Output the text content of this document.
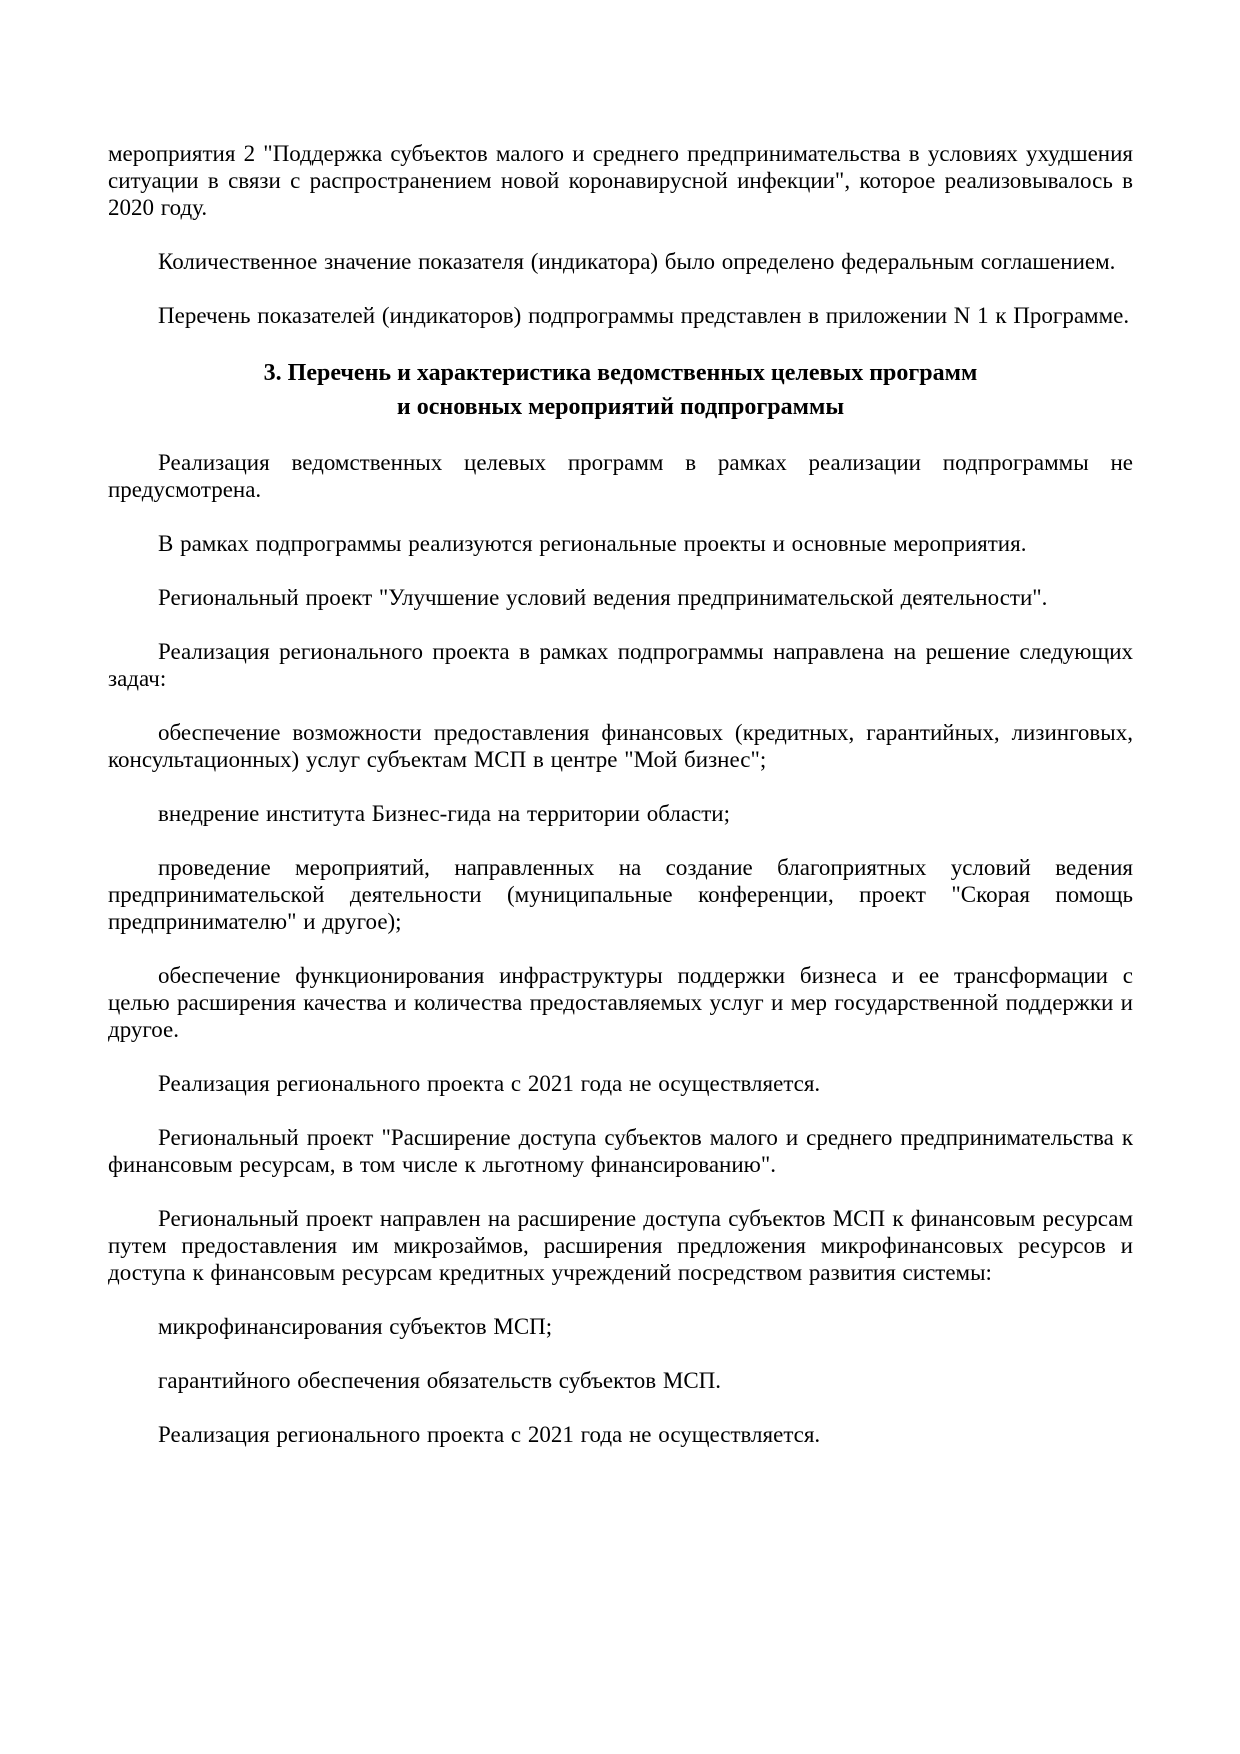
мероприятия 2 "Поддержка субъектов малого и среднего предпринимательства в условиях ухудшения ситуации в связи с распространением новой коронавирусной инфекции", которое реализовывалось в 2020 году.

Количественное значение показателя (индикатора) было определено федеральным соглашением.

Перечень показателей (индикаторов) подпрограммы представлен в приложении N 1 к Программе.

3. Перечень и характеристика ведомственных целевых программ
и основных мероприятий подпрограммы

Реализация ведомственных целевых программ в рамках реализации подпрограммы не предусмотрена.

В рамках подпрограммы реализуются региональные проекты и основные мероприятия.

Региональный проект "Улучшение условий ведения предпринимательской деятельности".

Реализация регионального проекта в рамках подпрограммы направлена на решение следующих задач:

обеспечение возможности предоставления финансовых (кредитных, гарантийных, лизинговых, консультационных) услуг субъектам МСП в центре "Мой бизнес";

внедрение института Бизнес-гида на территории области;

проведение мероприятий, направленных на создание благоприятных условий ведения предпринимательской деятельности (муниципальные конференции, проект "Скорая помощь предпринимателю" и другое);

обеспечение функционирования инфраструктуры поддержки бизнеса и ее трансформации с целью расширения качества и количества предоставляемых услуг и мер государственной поддержки и другое.

Реализация регионального проекта с 2021 года не осуществляется.

Региональный проект "Расширение доступа субъектов малого и среднего предпринимательства к финансовым ресурсам, в том числе к льготному финансированию".

Региональный проект направлен на расширение доступа субъектов МСП к финансовым ресурсам путем предоставления им микрозаймов, расширения предложения микрофинансовых ресурсов и доступа к финансовым ресурсам кредитных учреждений посредством развития системы:

микрофинансирования субъектов МСП;

гарантийного обеспечения обязательств субъектов МСП.

Реализация регионального проекта с 2021 года не осуществляется.
